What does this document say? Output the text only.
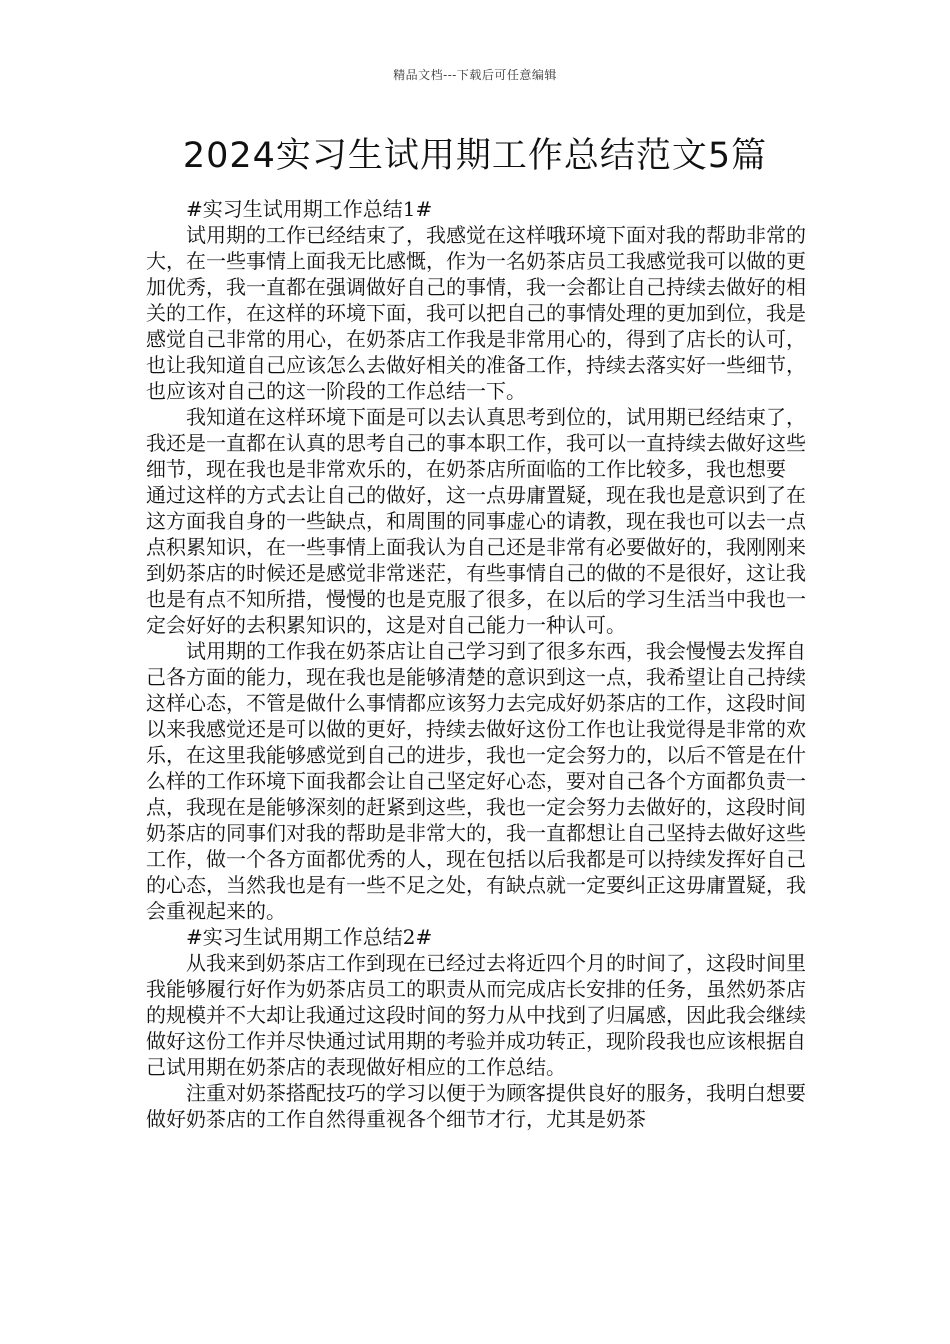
精品文档---下载后可任意编辑
2024实习生试用期工作总结范文5篇

#实习生试用期工作总结1#

试用期的工作已经结束了，我感觉在这样哦环境下面对我的帮助非常的大，在一些事情上面我无比感慨，作为一名奶茶店员工我感觉我可以做的更加优秀，我一直都在强调做好自己的事情，我一会都让自己持续去做好的相关的工作，在这样的环境下面，我可以把自己的事情处理的更加到位，我是感觉自己非常的用心，在奶茶店工作我是非常用心的，得到了店长的认可，也让我知道自己应该怎么去做好相关的准备工作，持续去落实好一些细节，也应该对自己的这一阶段的工作总结一下。

我知道在这样环境下面是可以去认真思考到位的，试用期已经结束了，我还是一直都在认真的思考自己的事本职工作，我可以一直持续去做好这些细节，现在我也是非常欢乐的，在奶茶店所面临的工作比较多，我也想要

通过这样的方式去让自己的做好，这一点毋庸置疑，现在我也是意识到了在这方面我自身的一些缺点，和周围的同事虚心的请教，现在我也可以去一点点积累知识，在一些事情上面我认为自己还是非常有必要做好的，我刚刚来到奶茶店的时候还是感觉非常迷茫，有些事情自己的做的不是很好，这让我也是有点不知所措，慢慢的也是克服了很多，在以后的学习生活当中我也一定会好好的去积累知识的，这是对自己能力一种认可。

试用期的工作我在奶茶店让自己学习到了很多东西，我会慢慢去发挥自己各方面的能力，现在我也是能够清楚的意识到这一点，我希望让自己持续这样心态，不管是做什么事情都应该努力去完成好奶茶店的工作，这段时间以来我感觉还是可以做的更好，持续去做好这份工作也让我觉得是非常的欢乐，在这里我能够感觉到自己的进步，我也一定会努力的，以后不管是在什么样的工作环境下面我都会让自己坚定好心态，要对自己各个方面都负责一点，我现在是能够深刻的赶紧到这些，我也一定会努力去做好的，这段时间奶茶店的同事们对我的帮助是非常大的，我一直都想让自己坚持去做好这些工作，做一个各方面都优秀的人，现在包括以后我都是可以持续发挥好自己的心态，当然我也是有一些不足之处，有缺点就一定要纠正这毋庸置疑，我会重视起来的。

#实习生试用期工作总结2#

从我来到奶茶店工作到现在已经过去将近四个月的时间了，这段时间里我能够履行好作为奶茶店员工的职责从而完成店长安排的任务，虽然奶茶店的规模并不大却让我通过这段时间的努力从中找到了归属感，因此我会继续做好这份工作并尽快通过试用期的考验并成功转正，现阶段我也应该根据自己试用期在奶茶店的表现做好相应的工作总结。

注重对奶茶搭配技巧的学习以便于为顾客提供良好的服务，我明白想要做好奶茶店的工作自然得重视各个细节才行，尤其是奶茶
